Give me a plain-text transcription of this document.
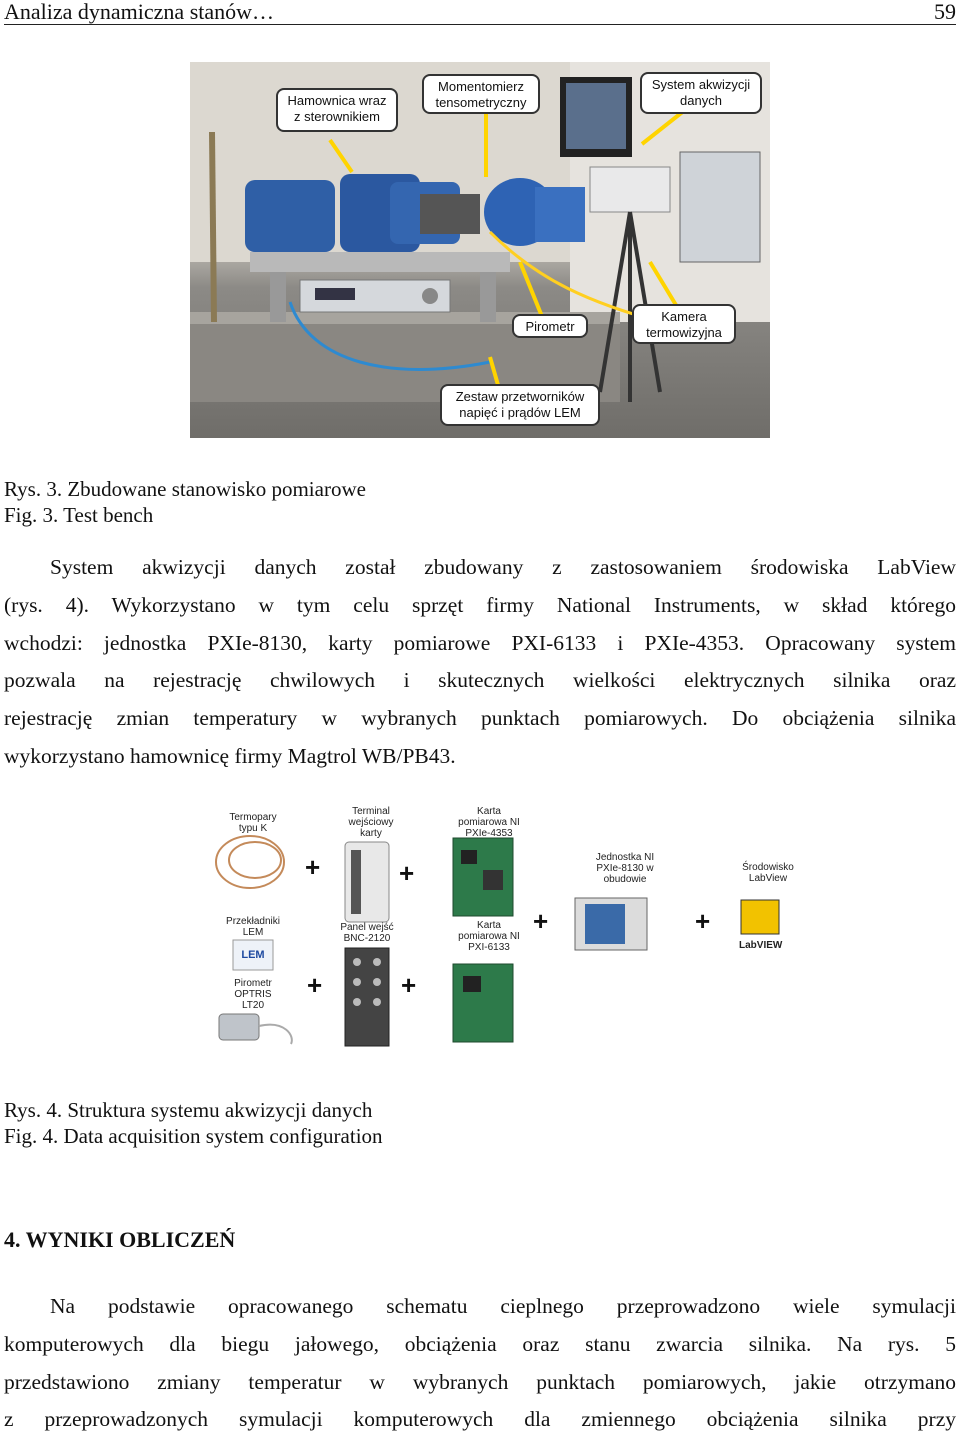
Analiza dynamiczna stanów…	59
Hamownica wraz z sterownikiem
Momentomierz tensometryczny
System akwizycji danych
Pirometr
Kamera termowizyjna
Zestaw przetworników napięć i prądów LEM
Rys. 3. Zbudowane stanowisko pomiarowe
Fig. 3. Test bench
System akwizycji danych został zbudowany z zastosowaniem środowiska LabView
(rys. 4). Wykorzystano w tym celu sprzęt firmy National Instruments, w skład którego
wchodzi: jednostka PXIe-8130, karty pomiarowe PXI-6133 i PXIe-4353. Opracowany system
pozwala na rejestrację chwilowych i skutecznych wielkości elektrycznych silnika oraz
rejestrację zmian temperatury w wybranych punktach pomiarowych. Do obciążenia silnika
wykorzystano hamownicę firmy Magtrol WB/PB43.
Termopary typu K
Terminal wejściowy karty
Karta pomiarowa NI PXIe-4353
Jednostka NI PXIe-8130 w obudowie
Środowisko LabView
Przekładniki LEM	Panel wejść BNC-2120
Karta pomiarowa NI PXI-6133
Pirometr OPTRIS LT20
LEM
LabVIEW
+	+
+	+
+	+
Rys. 4. Struktura systemu akwizycji danych
Fig. 4. Data acquisition system configuration
4. WYNIKI OBLICZEŃ
Na podstawie opracowanego schematu cieplnego przeprowadzono wiele symulacji
komputerowych dla biegu jałowego, obciążenia oraz stanu zwarcia silnika. Na rys. 5
przedstawiono zmiany temperatur w wybranych punktach pomiarowych, jakie otrzymano
z przeprowadzonych symulacji komputerowych dla zmiennego obciążenia silnika przy
